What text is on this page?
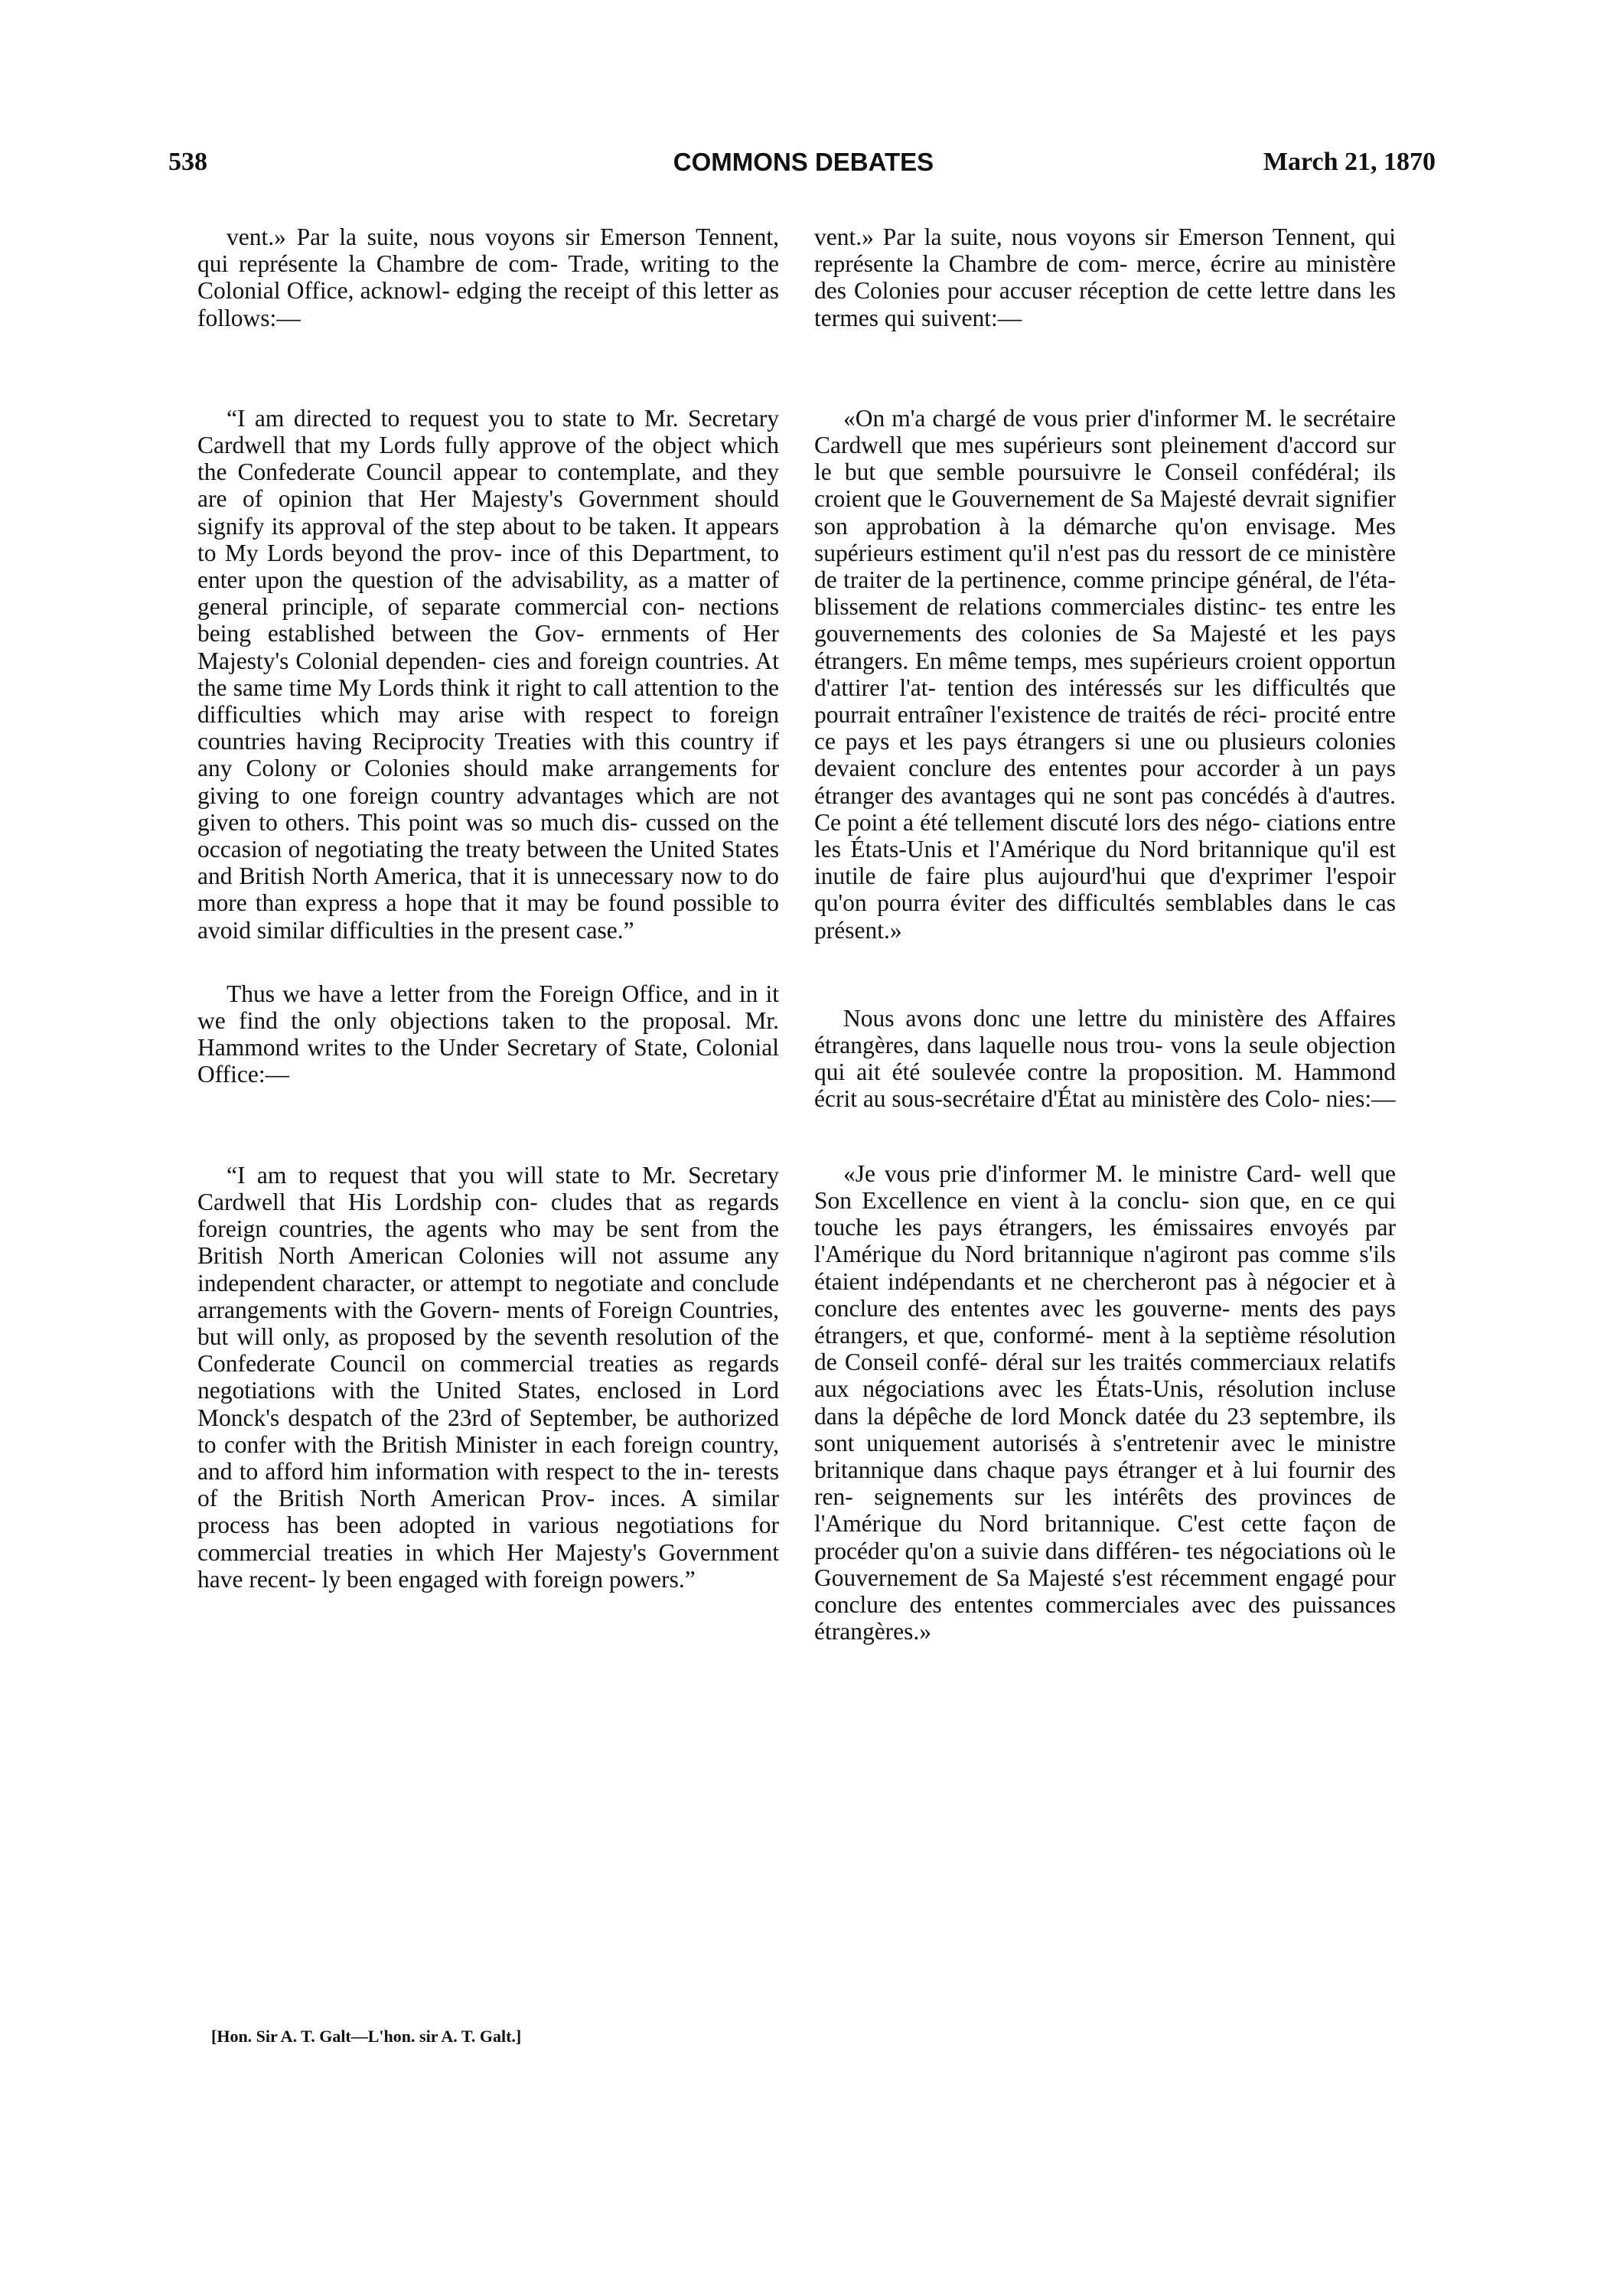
538	COMMONS DEBATES	March 21, 1870

vent.» Par la suite, nous voyons sir Emerson Tennent, qui représente la Chambre de com- Trade, writing to the Colonial Office, acknowl- edging the receipt of this letter as follows:—

“I am directed to request you to state to Mr. Secretary Cardwell that my Lords fully approve of the object which the Confederate Council appear to contemplate, and they are of opinion that Her Majesty's Government should signify its approval of the step about to be taken. It appears to My Lords beyond the prov- ince of this Department, to enter upon the question of the advisability, as a matter of general principle, of separate commercial con- nections being established between the Gov- ernments of Her Majesty's Colonial dependen- cies and foreign countries. At the same time My Lords think it right to call attention to the difficulties which may arise with respect to foreign countries having Reciprocity Treaties with this country if any Colony or Colonies should make arrangements for giving to one foreign country advantages which are not given to others. This point was so much dis- cussed on the occasion of negotiating the treaty between the United States and British North America, that it is unnecessary now to do more than express a hope that it may be found possible to avoid similar difficulties in the present case.”

Thus we have a letter from the Foreign Office, and in it we find the only objections taken to the proposal. Mr. Hammond writes to the Under Secretary of State, Colonial Office:—

“I am to request that you will state to Mr. Secretary Cardwell that His Lordship con- cludes that as regards foreign countries, the agents who may be sent from the British North American Colonies will not assume any independent character, or attempt to negotiate and conclude arrangements with the Govern- ments of Foreign Countries, but will only, as proposed by the seventh resolution of the Confederate Council on commercial treaties as regards negotiations with the United States, enclosed in Lord Monck's despatch of the 23rd of September, be authorized to confer with the British Minister in each foreign country, and to afford him information with respect to the in- terests of the British North American Prov- inces. A similar process has been adopted in various negotiations for commercial treaties in which Her Majesty's Government have recent- ly been engaged with foreign powers.”

vent.» Par la suite, nous voyons sir Emerson Tennent, qui représente la Chambre de com- merce, écrire au ministère des Colonies pour accuser réception de cette lettre dans les termes qui suivent:—

«On m'a chargé de vous prier d'informer M. le secrétaire Cardwell que mes supérieurs sont pleinement d'accord sur le but que semble poursuivre le Conseil confédéral; ils croient que le Gouvernement de Sa Majesté devrait signifier son approbation à la démarche qu'on envisage. Mes supérieurs estiment qu'il n'est pas du ressort de ce ministère de traiter de la pertinence, comme principe général, de l'éta- blissement de relations commerciales distinc- tes entre les gouvernements des colonies de Sa Majesté et les pays étrangers. En même temps, mes supérieurs croient opportun d'attirer l'at- tention des intéressés sur les difficultés que pourrait entraîner l'existence de traités de réci- procité entre ce pays et les pays étrangers si une ou plusieurs colonies devaient conclure des ententes pour accorder à un pays étranger des avantages qui ne sont pas concédés à d'autres. Ce point a été tellement discuté lors des négo- ciations entre les États-Unis et l'Amérique du Nord britannique qu'il est inutile de faire plus aujourd'hui que d'exprimer l'espoir qu'on pourra éviter des difficultés semblables dans le cas présent.»

Nous avons donc une lettre du ministère des Affaires étrangères, dans laquelle nous trou- vons la seule objection qui ait été soulevée contre la proposition. M. Hammond écrit au sous-secrétaire d'État au ministère des Colo- nies:—

«Je vous prie d'informer M. le ministre Card- well que Son Excellence en vient à la conclu- sion que, en ce qui touche les pays étrangers, les émissaires envoyés par l'Amérique du Nord britannique n'agiront pas comme s'ils étaient indépendants et ne chercheront pas à négocier et à conclure des ententes avec les gouverne- ments des pays étrangers, et que, conformé- ment à la septième résolution de Conseil confé- déral sur les traités commerciaux relatifs aux négociations avec les États-Unis, résolution incluse dans la dépêche de lord Monck datée du 23 septembre, ils sont uniquement autorisés à s'entretenir avec le ministre britannique dans chaque pays étranger et à lui fournir des ren- seignements sur les intérêts des provinces de l'Amérique du Nord britannique. C'est cette façon de procéder qu'on a suivie dans différen- tes négociations où le Gouvernement de Sa Majesté s'est récemment engagé pour conclure des ententes commerciales avec des puissances étrangères.»

[Hon. Sir A. T. Galt—L'hon. sir A. T. Galt.]
